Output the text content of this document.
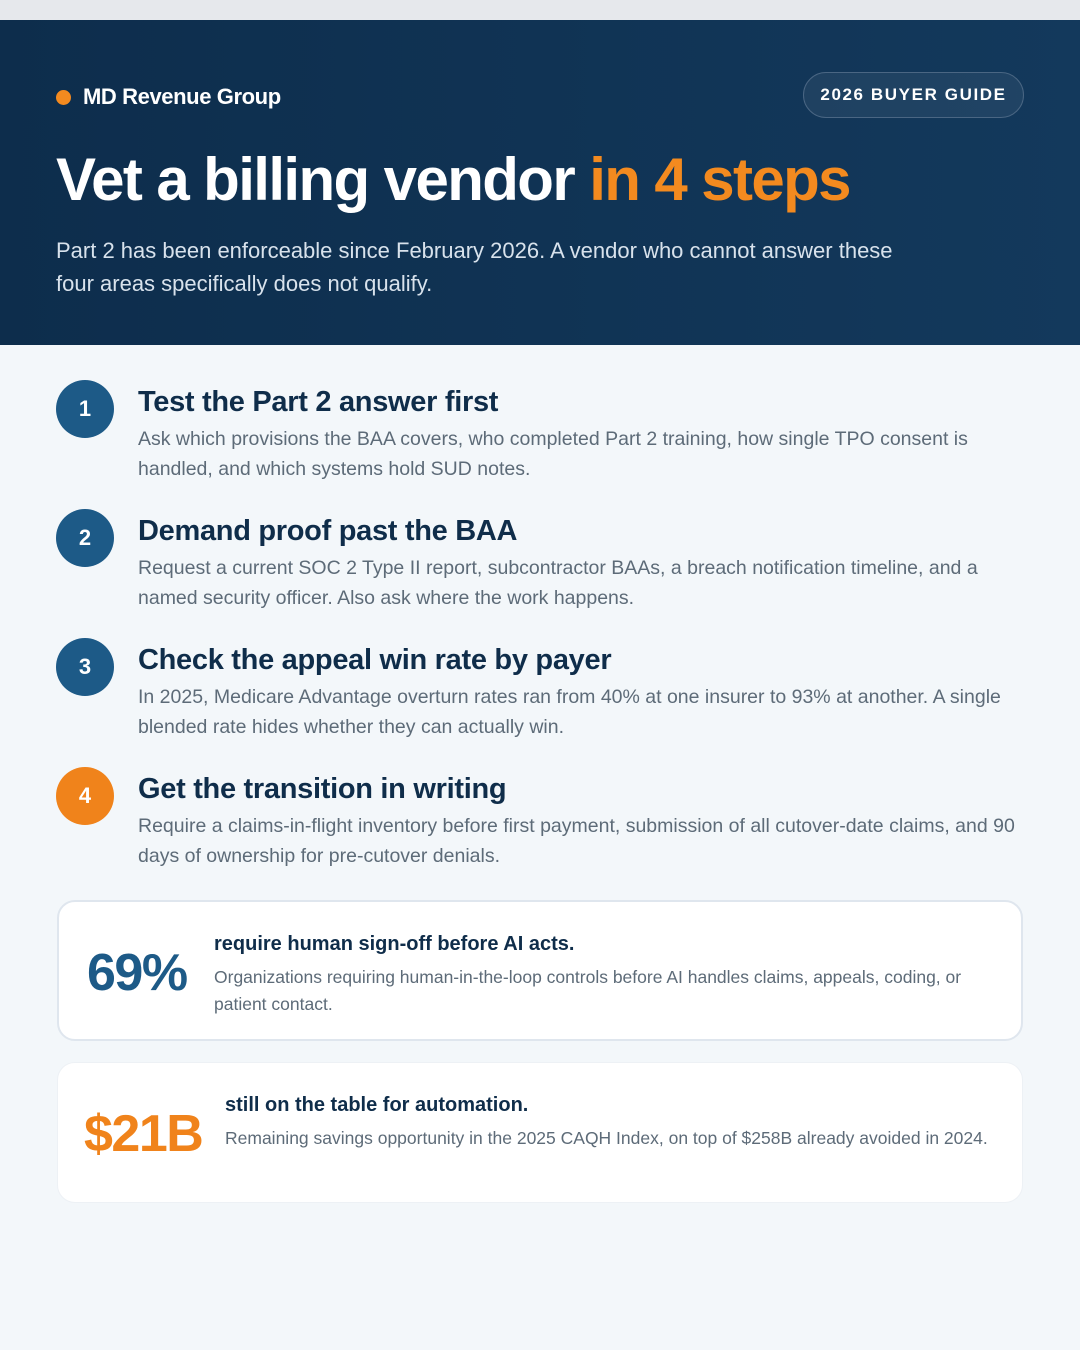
MD Revenue Group	2026 BUYER GUIDE
Vet a billing vendor in 4 steps

Part 2 has been enforceable since February 2026. A vendor who cannot answer these four areas specifically does not qualify.

1	Test the Part 2 answer first

Ask which provisions the BAA covers, who completed Part 2 training, how single TPO consent is handled, and which systems hold SUD notes.

2	Demand proof past the BAA

Request a current SOC 2 Type II report, subcontractor BAAs, a breach notification timeline, and a named security officer. Also ask where the work happens.

3	Check the appeal win rate by payer

In 2025, Medicare Advantage overturn rates ran from 40% at one insurer to 93% at another. A single blended rate hides whether they can actually win.

4	Get the transition in writing

Require a claims-in-flight inventory before first payment, submission of all cutover-date claims, and 90 days of ownership for pre-cutover denials.

69% require human sign-off before AI acts.
Organizations requiring human-in-the-loop controls before AI handles claims, appeals, coding, or patient contact.
$21B still on the table for automation.
Remaining savings opportunity in the 2025 CAQH Index, on top of $258B already avoided in 2024.
